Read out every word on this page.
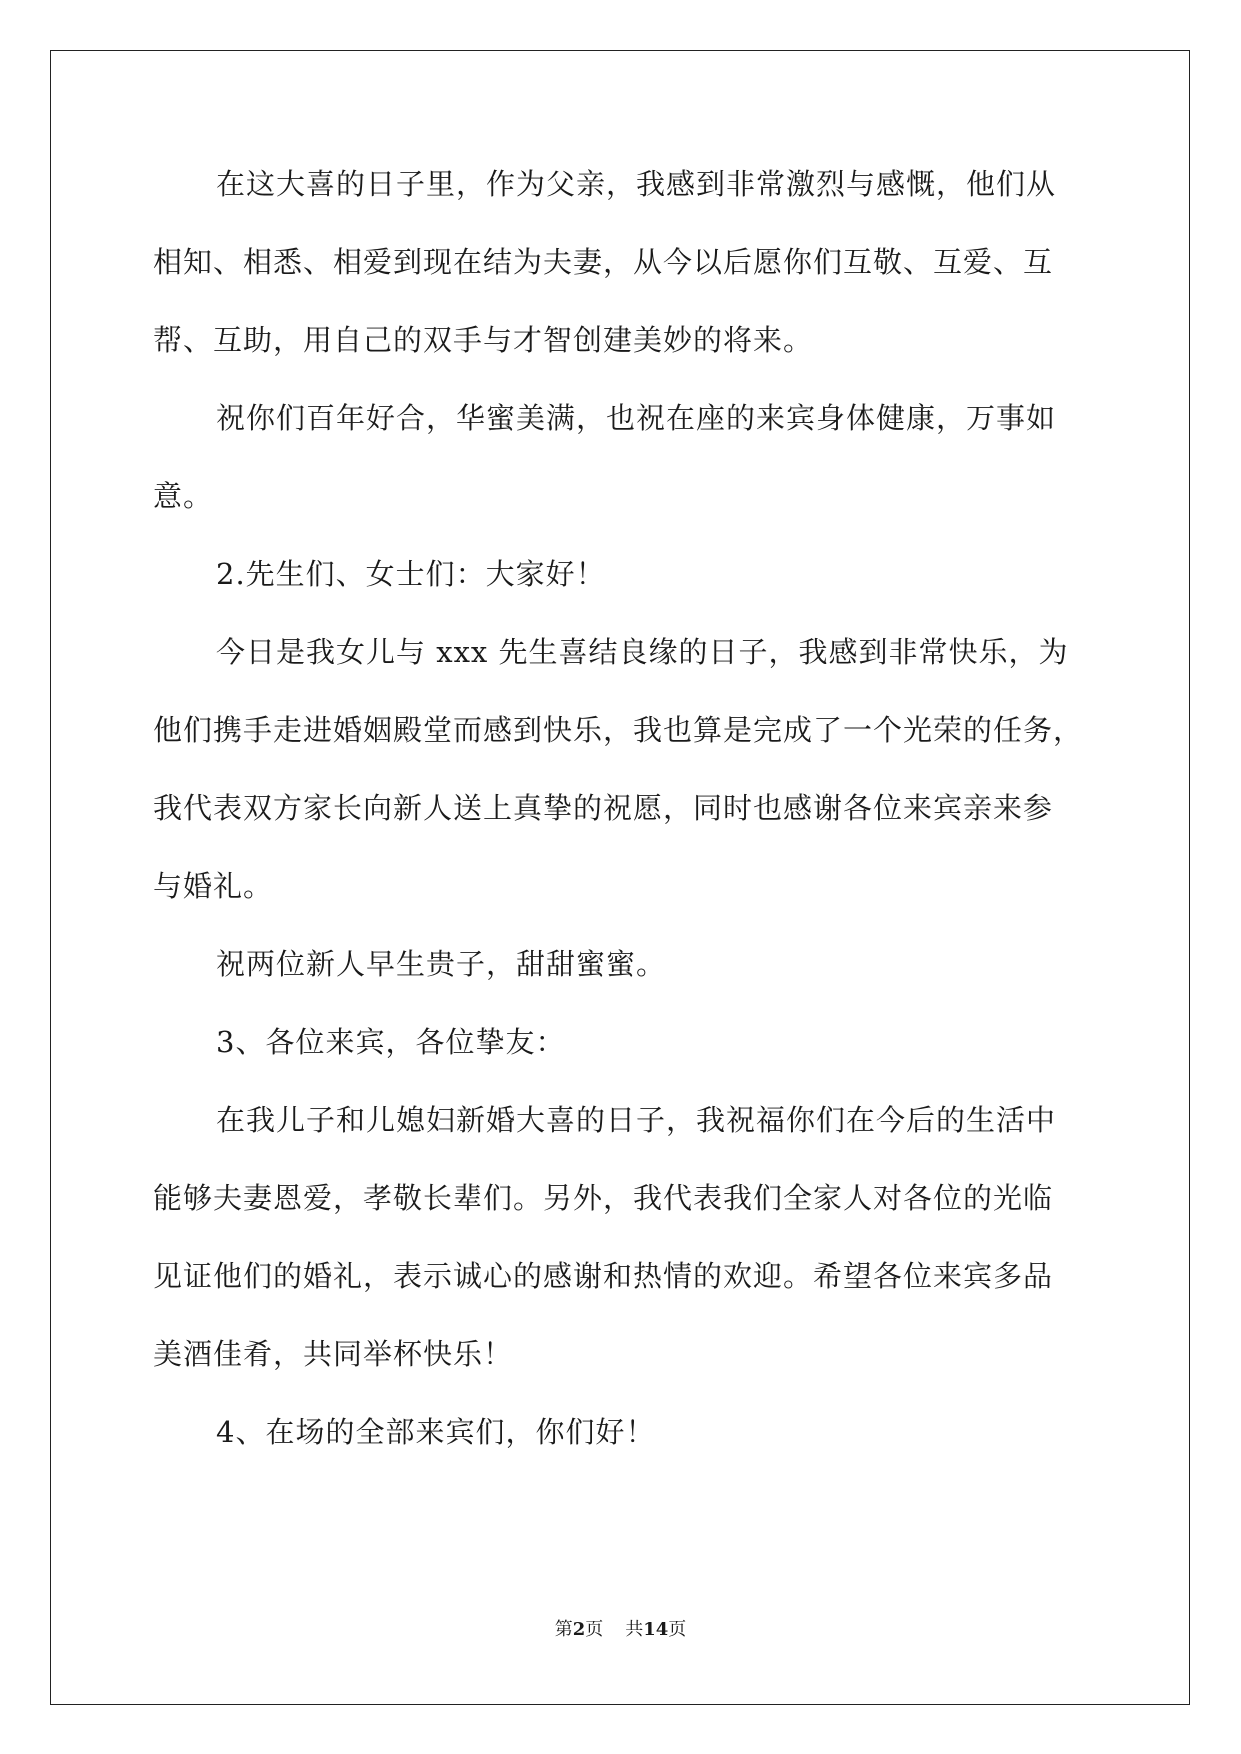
在这大喜的日子里，作为父亲，我感到非常激烈与感慨，他们从
相知、相悉、相爱到现在结为夫妻，从今以后愿你们互敬、互爱、互
帮、互助，用自己的双手与才智创建美妙的将来。
祝你们百年好合，华蜜美满，也祝在座的来宾身体健康，万事如
意。
2.先生们、女士们：大家好！
今日是我女儿与 xxx 先生喜结良缘的日子，我感到非常快乐，为
他们携手走进婚姻殿堂而感到快乐，我也算是完成了一个光荣的任务，
我代表双方家长向新人送上真挚的祝愿，同时也感谢各位来宾亲来参
与婚礼。
祝两位新人早生贵子，甜甜蜜蜜。
3、各位来宾，各位挚友：
在我儿子和儿媳妇新婚大喜的日子，我祝福你们在今后的生活中
能够夫妻恩爱，孝敬长辈们。另外，我代表我们全家人对各位的光临
见证他们的婚礼，表示诚心的感谢和热情的欢迎。希望各位来宾多品
美酒佳肴，共同举杯快乐！
4、在场的全部来宾们，你们好！
第2页 共14页
